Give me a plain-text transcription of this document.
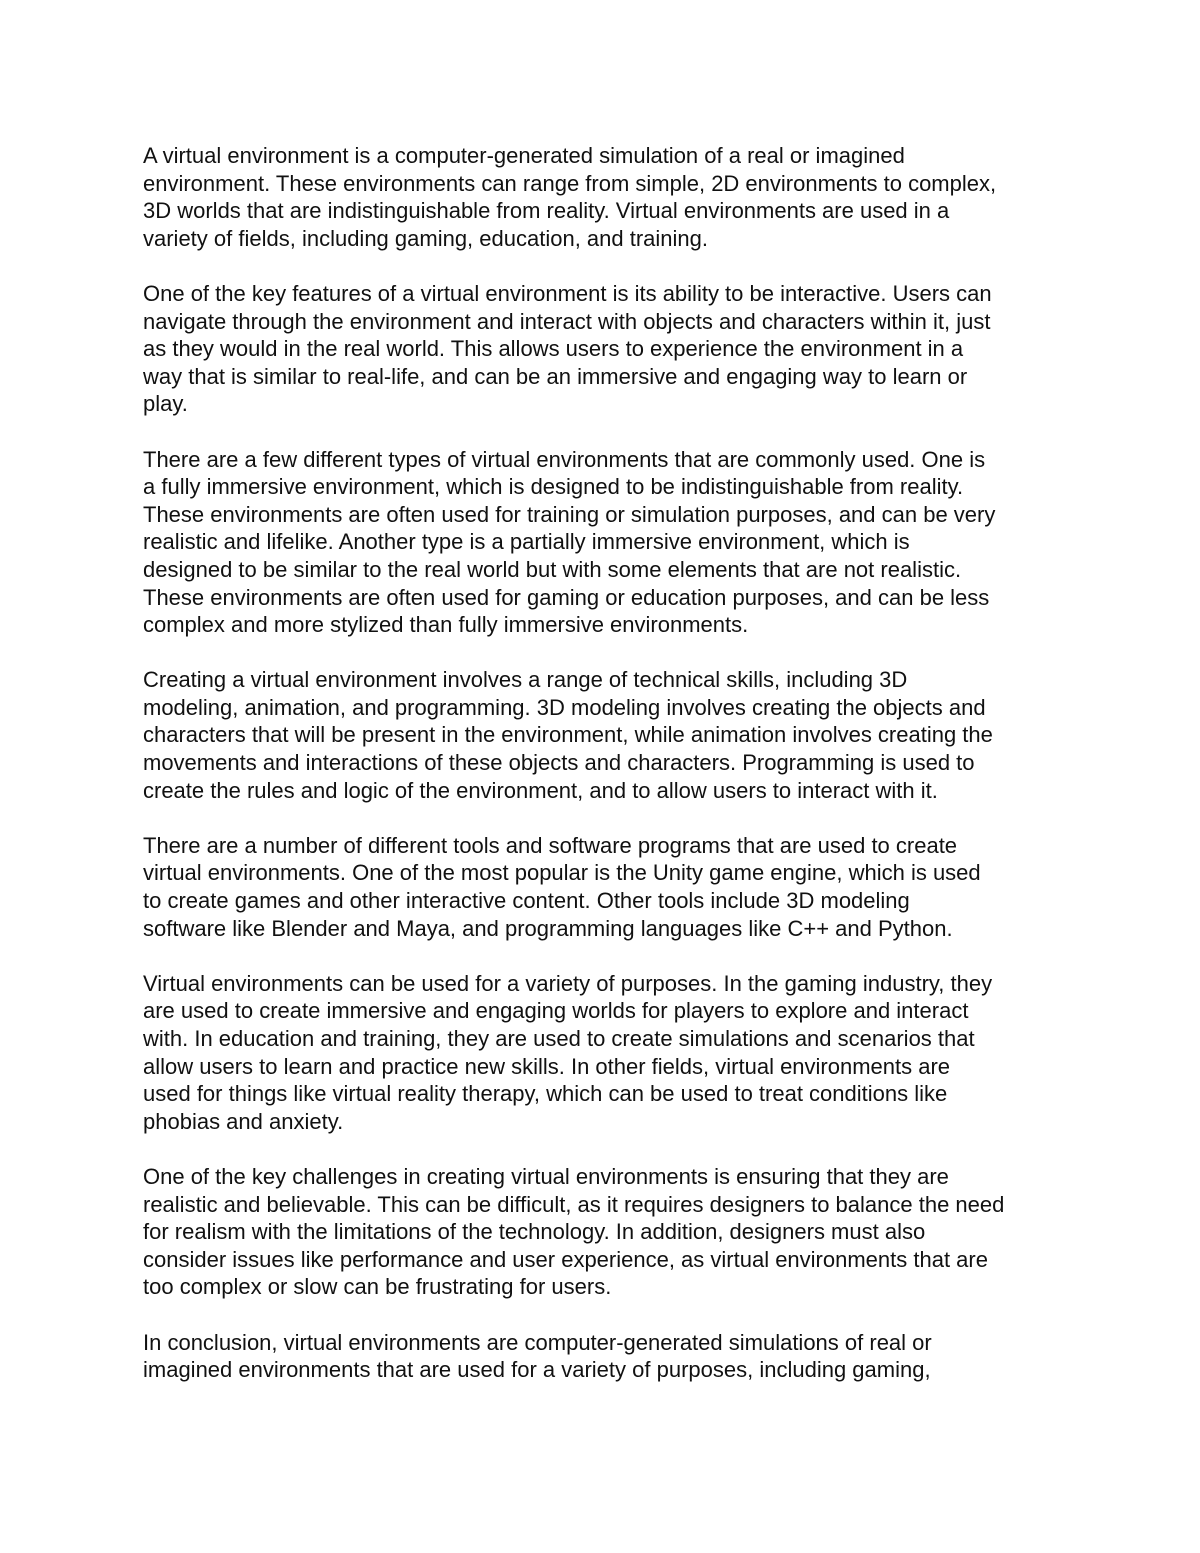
A virtual environment is a computer-generated simulation of a real or imagined
environment. These environments can range from simple, 2D environments to complex,
3D worlds that are indistinguishable from reality. Virtual environments are used in a
variety of fields, including gaming, education, and training.

One of the key features of a virtual environment is its ability to be interactive. Users can
navigate through the environment and interact with objects and characters within it, just
as they would in the real world. This allows users to experience the environment in a
way that is similar to real-life, and can be an immersive and engaging way to learn or
play.

There are a few different types of virtual environments that are commonly used. One is
a fully immersive environment, which is designed to be indistinguishable from reality.
These environments are often used for training or simulation purposes, and can be very
realistic and lifelike. Another type is a partially immersive environment, which is
designed to be similar to the real world but with some elements that are not realistic.
These environments are often used for gaming or education purposes, and can be less
complex and more stylized than fully immersive environments.

Creating a virtual environment involves a range of technical skills, including 3D
modeling, animation, and programming. 3D modeling involves creating the objects and
characters that will be present in the environment, while animation involves creating the
movements and interactions of these objects and characters. Programming is used to
create the rules and logic of the environment, and to allow users to interact with it.

There are a number of different tools and software programs that are used to create
virtual environments. One of the most popular is the Unity game engine, which is used
to create games and other interactive content. Other tools include 3D modeling
software like Blender and Maya, and programming languages like C++ and Python.

Virtual environments can be used for a variety of purposes. In the gaming industry, they
are used to create immersive and engaging worlds for players to explore and interact
with. In education and training, they are used to create simulations and scenarios that
allow users to learn and practice new skills. In other fields, virtual environments are
used for things like virtual reality therapy, which can be used to treat conditions like
phobias and anxiety.

One of the key challenges in creating virtual environments is ensuring that they are
realistic and believable. This can be difficult, as it requires designers to balance the need
for realism with the limitations of the technology. In addition, designers must also
consider issues like performance and user experience, as virtual environments that are
too complex or slow can be frustrating for users.

In conclusion, virtual environments are computer-generated simulations of real or
imagined environments that are used for a variety of purposes, including gaming,
